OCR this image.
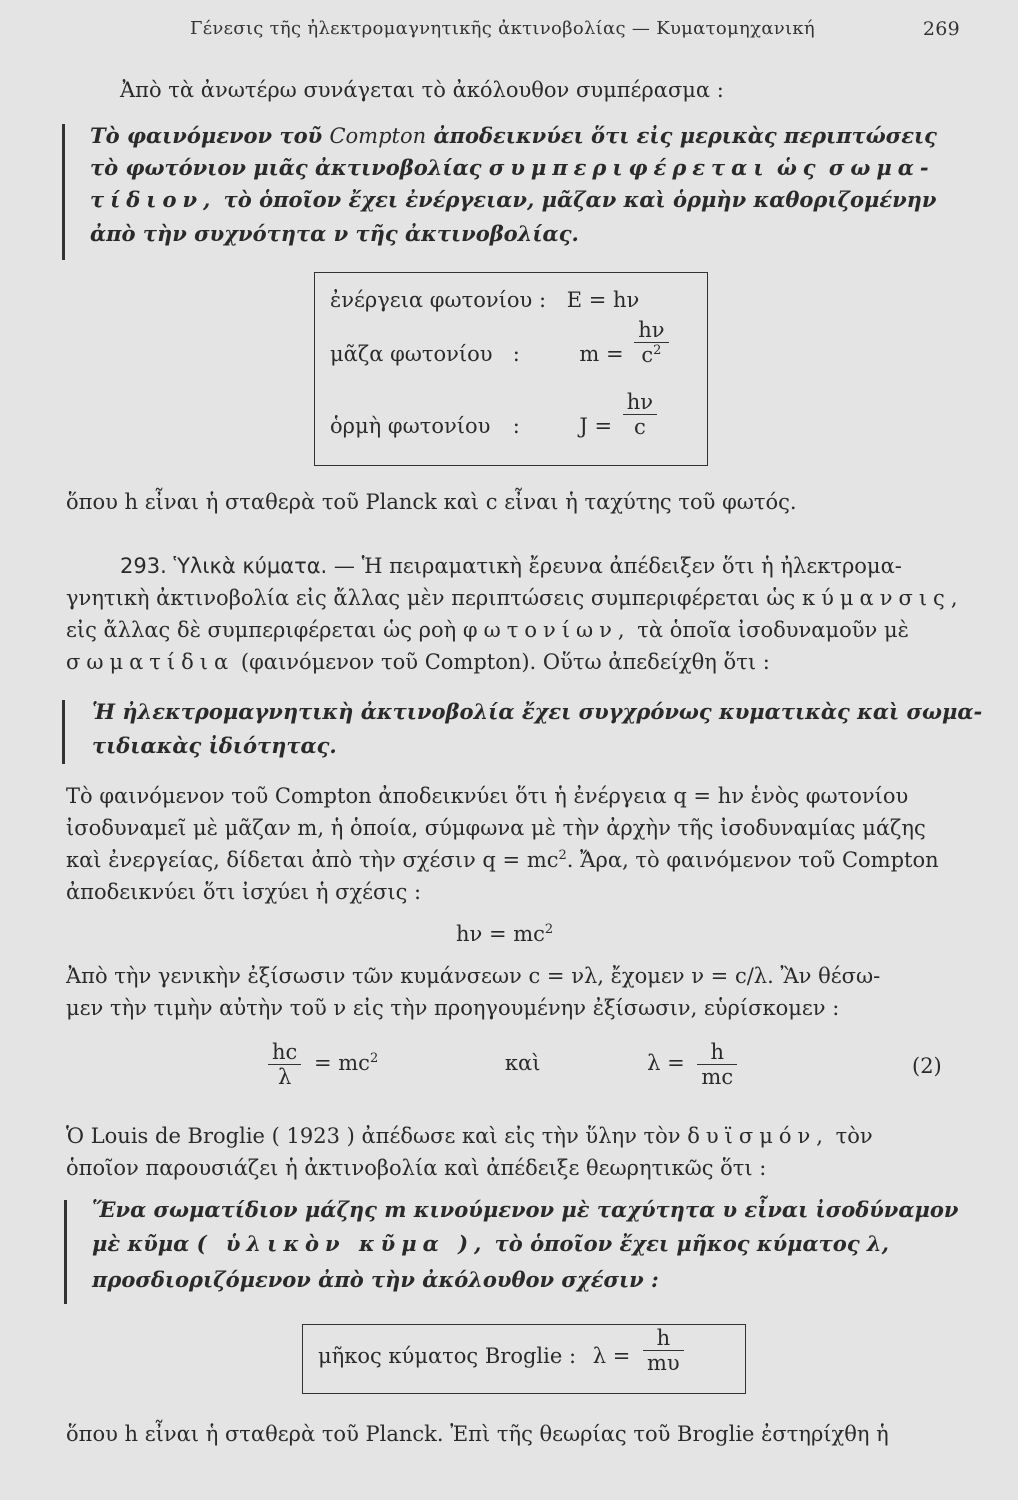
Γένεσις τῆς ἠλεκτρομαγνητικῆς ἀκτινοβολίας — Κυματομηχανική	269
Ἀπὸ τὰ ἀνωτέρω συνάγεται τὸ ἀκόλουθον συμπέρασμα :
Τὸ φαινόμενον τοῦ Compton ἀποδεικνύει ὅτι εἰς μερικὰς περιπτώσεις
τὸ φωτόνιον μιᾶς ἀκτινοβολίας συμπεριφέρεται ὡς σωμα-
τίδιον, τὸ ὁποῖον ἔχει ἐνέργειαν, μᾶζαν καὶ ὁρμὴν καθοριζομένην
ἀπὸ τὴν συχνότητα ν τῆς ἀκτινοβολίας.
ἐνέργεια φωτονίου : E = hν
μᾶζα φωτονίου :	$m = \frac{h\nu}{c^2}$
ὁρμὴ φωτονίου :	$J = \frac{h\nu}{c}$
ὅπου h εἶναι ἡ σταθερὰ τοῦ Planck καὶ c εἶναι ἡ ταχύτης τοῦ φωτός.
293. Ὑλικὰ κύματα. — Ἡ πειραματικὴ ἔρευνα ἀπέδειξεν ὅτι ἡ ἠλεκτρομα-
γνητικὴ ἀκτινοβολία εἰς ἄλλας μὲν περιπτώσεις συμπεριφέρεται ὡς κύμανσις,
εἰς ἄλλας δὲ συμπεριφέρεται ὡς ροὴ φωτονίων, τὰ ὁποῖα ἰσοδυναμοῦν μὲ
σωματίδια (φαινόμενον τοῦ Compton). Οὕτω ἀπεδείχθη ὅτι :
Ἡ ἠλεκτρομαγνητικὴ ἀκτινοβολία ἔχει συγχρόνως κυματικὰς καὶ σωμα-
τιδιακὰς ἰδιότητας.
Τὸ φαινόμενον τοῦ Compton ἀποδεικνύει ὅτι ἡ ἐνέργεια q = hν ἑνὸς φωτονίου
ἰσοδυναμεῖ μὲ μᾶζαν m, ἡ ὁποία, σύμφωνα μὲ τὴν ἀρχὴν τῆς ἰσοδυναμίας μάζης
καὶ ἐνεργείας, δίδεται ἀπὸ τὴν σχέσιν $q = mc^2$. Ἄρα, τὸ φαινόμενον τοῦ Compton
ἀποδεικνύει ὅτι ἰσχύει ἡ σχέσις :
$h\nu = mc^2$
Ἀπὸ τὴν γενικὴν ἐξίσωσιν τῶν κυμάνσεων c = νλ, ἔχομεν ν = c/λ. Ἂν θέσω-
μεν τὴν τιμὴν αὐτὴν τοῦ ν εἰς τὴν προηγουμένην ἐξίσωσιν, εὑρίσκομεν :
$\frac{hc}{\lambda} = mc^2$	καὶ	$\lambda = \frac{h}{mc}$	(2)
Ὁ Louis de Broglie ( 1923 ) ἀπέδωσε καὶ εἰς τὴν ὕλην τὸν δυϊσμόν, τὸν
ὁποῖον παρουσιάζει ἡ ἀκτινοβολία καὶ ἀπέδειξε θεωρητικῶς ὅτι :
Ἕνα σωματίδιον μάζης m κινούμενον μὲ ταχύτητα υ εἶναι ἰσοδύναμον
μὲ κῦμα ( ὑλικὸν κῦμα ), τὸ ὁποῖον ἔχει μῆκος κύματος λ,
προσδιοριζόμενον ἀπὸ τὴν ἀκόλουθον σχέσιν :
μῆκος κύματος Broglie : $\lambda = \frac{h}{m\upsilon}$
ὅπου h εἶναι ἡ σταθερὰ τοῦ Planck. Ἐπὶ τῆς θεωρίας τοῦ Broglie ἐστηρίχθη ἡ
